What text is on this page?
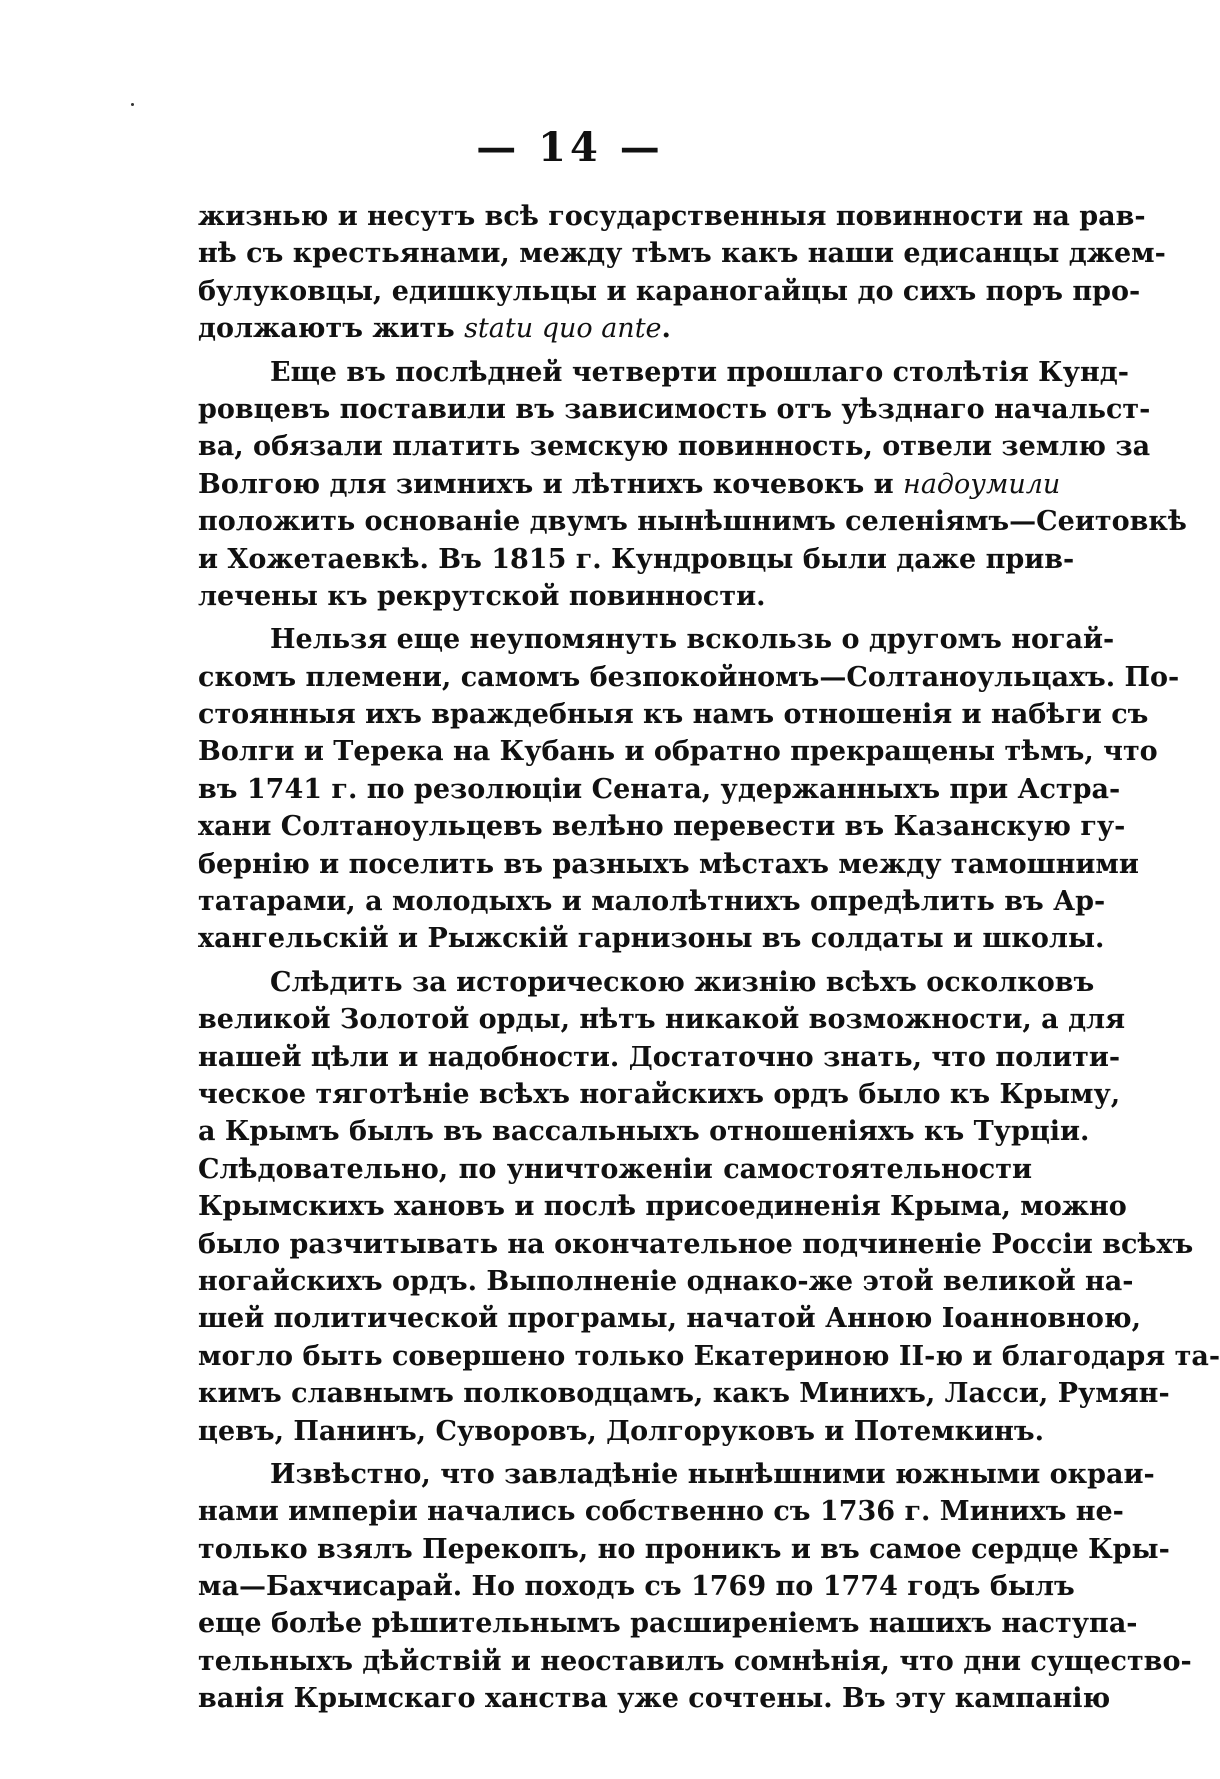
— 14 —
жизнью и несутъ всѣ государственныя повинности на рав-
нѣ съ крестьянами, между тѣмъ какъ наши едисанцы джем-
булуковцы, едишкульцы и караногайцы до сихъ поръ про-
должаютъ жить statu quo ante.
Еще въ послѣдней четверти прошлаго столѣтія Кунд-
ровцевъ поставили въ зависимость отъ уѣзднаго начальст-
ва, обязали платить земскую повинность, отвели землю за
Волгою для зимнихъ и лѣтнихъ кочевокъ и надоумили
положить основаніе двумъ нынѣшнимъ селеніямъ—Сеитовкѣ
и Хожетаевкѣ. Въ 1815 г. Кундровцы были даже прив-
лечены къ рекрутской повинности.
Нельзя еще неупомянуть вскользь о другомъ ногай-
скомъ племени, самомъ безпокойномъ—Солтаноульцахъ. По-
стоянныя ихъ враждебныя къ намъ отношенія и набѣги съ
Волги и Терека на Кубань и обратно прекращены тѣмъ, что
въ 1741 г. по резолюціи Сената, удержанныхъ при Астра-
хани Солтаноульцевъ велѣно перевести въ Казанскую гу-
бернію и поселить въ разныхъ мѣстахъ между тамошними
татарами, а молодыхъ и малолѣтнихъ опредѣлить въ Ар-
хангельскій и Рыжскій гарнизоны въ солдаты и школы.
Слѣдить за историческою жизнію всѣхъ осколковъ
великой Золотой орды, нѣтъ никакой возможности, а для
нашей цѣли и надобности. Достаточно знать, что полити-
ческое тяготѣніе всѣхъ ногайскихъ ордъ было къ Крыму,
а Крымъ былъ въ вассальныхъ отношеніяхъ къ Турціи.
Слѣдовательно, по уничтоженіи самостоятельности
Крымскихъ хановъ и послѣ присоединенія Крыма, можно
было разчитывать на окончательное подчиненіе Россіи всѣхъ
ногайскихъ ордъ. Выполненіе однако-же этой великой на-
шей политической програмы, начатой Анною Іоанновною,
могло быть совершено только Екатериною II-ю и благодаря та-
кимъ славнымъ полководцамъ, какъ Минихъ, Ласси, Румян-
цевъ, Панинъ, Суворовъ, Долгоруковъ и Потемкинъ.
Извѣстно, что завладѣніе нынѣшними южными окраи-
нами имперіи начались собственно съ 1736 г. Минихъ не-
только взялъ Перекопъ, но проникъ и въ самое сердце Кры-
ма—Бахчисарай. Но походъ съ 1769 по 1774 годъ былъ
еще болѣе рѣшительнымъ расширеніемъ нашихъ наступа-
тельныхъ дѣйствій и неоставилъ сомнѣнія, что дни существо-
ванія Крымскаго ханства уже сочтены. Въ эту кампанію
